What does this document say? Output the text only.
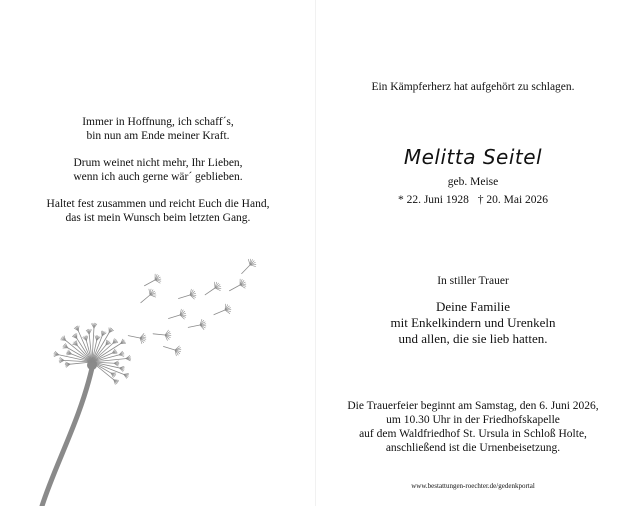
Immer in Hoffnung, ich schaff´s,
bin nun am Ende meiner Kraft.
Drum weinet nicht mehr, Ihr Lieben,
wenn ich auch gerne wär´ geblieben.
Haltet fest zusammen und reicht Euch die Hand,
das ist mein Wunsch beim letzten Gang.
Ein Kämpferherz hat aufgehört zu schlagen.
Melitta Seitel
geb. Meise
* 22. Juni 1928 † 20. Mai 2026
In stiller Trauer
Deine Familie
mit Enkelkindern und Urenkeln
und allen, die sie lieb hatten.
Die Trauerfeier beginnt am Samstag, den 6. Juni 2026,
um 10.30 Uhr in der Friedhofskapelle
auf dem Waldfriedhof St. Ursula in Schloß Holte,
anschließend ist die Urnenbeisetzung.
www.bestattungen-roechter.de/gedenkportal
